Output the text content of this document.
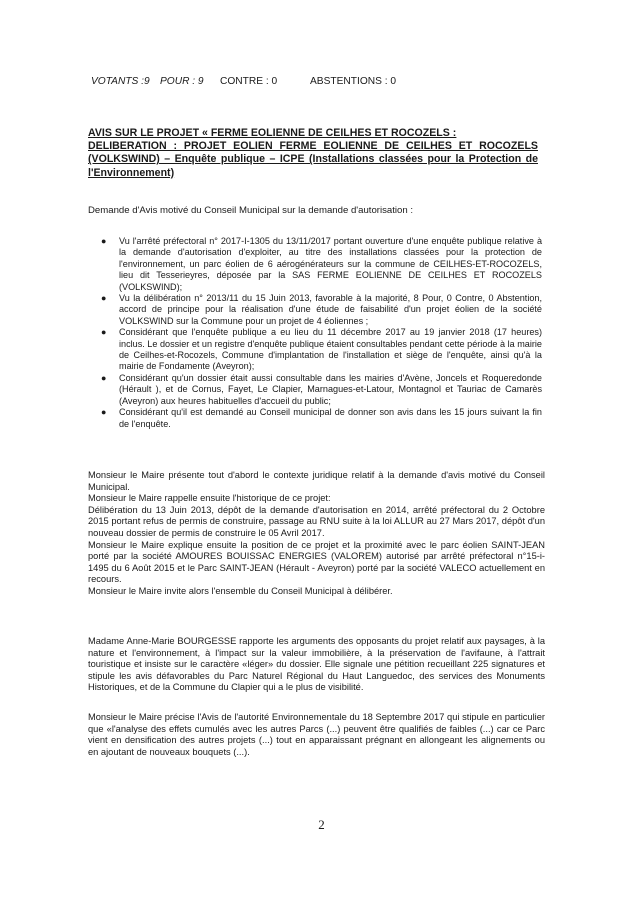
VOTANTS :9 POUR : 9 CONTRE : 0	ABSTENTIONS : 0
AVIS SUR LE PROJET « FERME EOLIENNE DE CEILHES ET ROCOZELS :
DELIBERATION : PROJET EOLIEN FERME EOLIENNE DE CEILHES ET ROCOZELS (VOLKSWIND) – Enquête publique – ICPE (Installations classées pour la Protection de l'Environnement)
Demande d'Avis motivé du Conseil Municipal sur la demande d'autorisation :
● Vu l'arrêté préfectoral n° 2017-I-1305 du 13/11/2017 portant ouverture d'une enquête publique relative à la demande d'autorisation d'exploiter, au titre des installations classées pour la protection de l'environnement, un parc éolien de 6 aérogénérateurs sur la commune de CEILHES-ET-ROCOZELS, lieu dit Tesserieyres, déposée par la SAS FERME EOLIENNE DE CEILHES ET ROCOZELS (VOLKSWIND);
● Vu la délibération n° 2013/11 du 15 Juin 2013, favorable à la majorité, 8 Pour, 0 Contre, 0 Abstention, accord de principe pour la réalisation d'une étude de faisabilité d'un projet éolien de la société VOLKSWIND sur la Commune pour un projet de 4 éoliennes ;
● Considérant que l'enquête publique a eu lieu du 11 décembre 2017 au 19 janvier 2018 (17 heures) inclus. Le dossier et un registre d'enquête publique étaient consultables pendant cette période à la mairie de Ceilhes-et-Rocozels, Commune d'implantation de l'installation et siège de l'enquête, ainsi qu'à la mairie de Fondamente (Aveyron);
● Considérant qu'un dossier était aussi consultable dans les mairies d'Avène, Joncels et Roqueredonde (Hérault ), et de Cornus, Fayet, Le Clapier, Marnagues-et-Latour, Montagnol et Tauriac de Camarès (Aveyron) aux heures habituelles d'accueil du public;
● Considérant qu'il est demandé au Conseil municipal de donner son avis dans les 15 jours suivant la fin de l'enquête.

Monsieur le Maire présente tout d'abord le contexte juridique relatif à la demande d'avis motivé du Conseil Municipal.

Monsieur le Maire rappelle ensuite l'historique de ce projet:

Délibération du 13 Juin 2013, dépôt de la demande d'autorisation en 2014, arrêté préfectoral du 2 Octobre 2015 portant refus de permis de construire, passage au RNU suite à la loi ALLUR au 27 Mars 2017, dépôt d'un nouveau dossier de permis de construire le 05 Avril 2017.

Monsieur le Maire explique ensuite la position de ce projet et la proximité avec le parc éolien SAINT-JEAN porté par la société AMOURES BOUISSAC ENERGIES (VALOREM) autorisé par arrêté préfectoral n°15-i-1495 du 6 Août 2015 et le Parc SAINT-JEAN (Hérault - Aveyron) porté par la société VALECO actuellement en recours.

Monsieur le Maire invite alors l'ensemble du Conseil Municipal à délibérer.

Madame Anne-Marie BOURGESSE rapporte les arguments des opposants du projet relatif aux paysages, à la nature et l'environnement, à l'impact sur la valeur immobilière, à la préservation de l'avifaune, à l'attrait touristique et insiste sur le caractère «léger» du dossier. Elle signale une pétition recueillant 225 signatures et stipule les avis défavorables du Parc Naturel Régional du Haut Languedoc, des services des Monuments Historiques, et de la Commune du Clapier qui a le plus de visibilité.
Monsieur le Maire précise l'Avis de l'autorité Environnementale du 18 Septembre 2017 qui stipule en particulier que «l'analyse des effets cumulés avec les autres Parcs (...) peuvent être qualifiés de faibles (...) car ce Parc vient en densification des autres projets (...) tout en apparaissant prégnant en allongeant les alignements ou en ajoutant de nouveaux bouquets (...).
2
